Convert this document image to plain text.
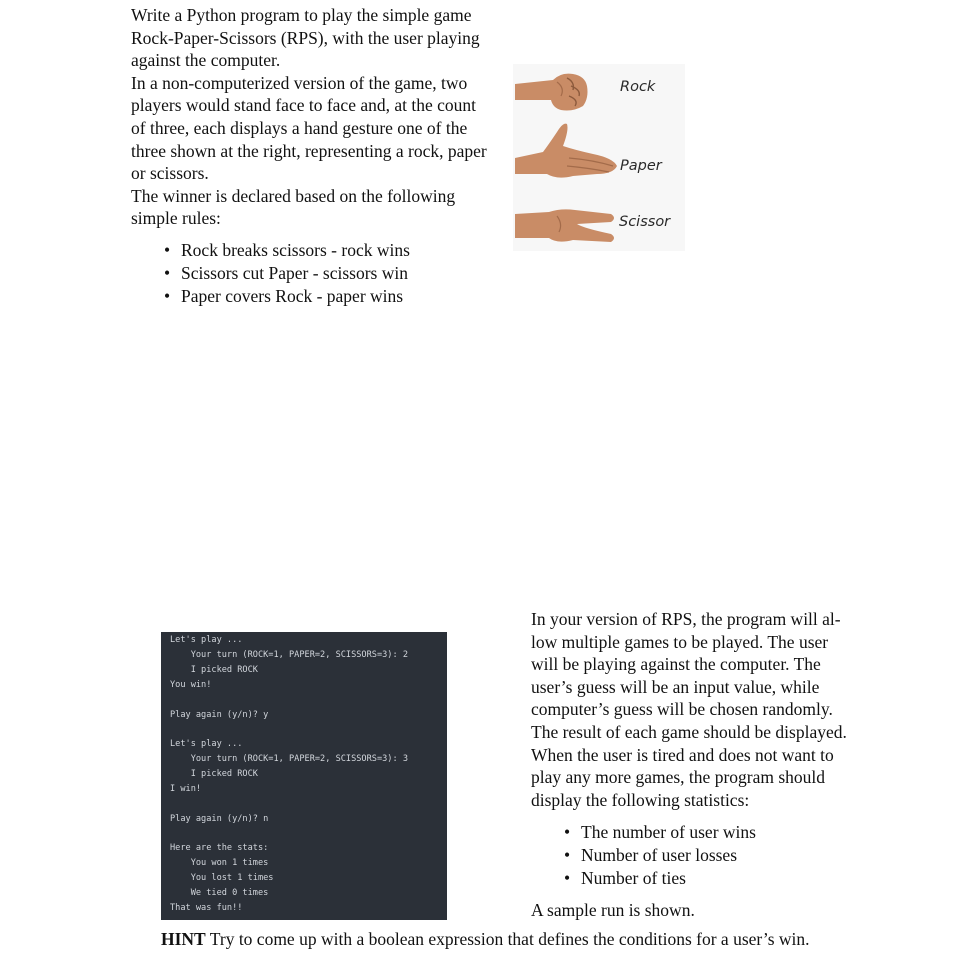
Write a Python program to play the simple game
Rock-Paper-Scissors (RPS), with the user playing
against the computer.

In a non-computerized version of the game, two
players would stand face to face and, at the count
of three, each displays a hand gesture one of the
three shown at the right, representing a rock, paper
or scissors.

The winner is declared based on the following
simple rules:

• Rock breaks scissors - rock wins
• Scissors cut Paper - scissors win
• Paper covers Rock - paper wins
Rock
Paper
Scissor
Let's play ...
Your turn (ROCK=1, PAPER=2, SCISSORS=3): 2
I picked ROCK
You win!
Play again (y/n)? y
Let's play ...
Your turn (ROCK=1, PAPER=2, SCISSORS=3): 3
I picked ROCK
I win!
Play again (y/n)? n
Here are the stats:
You won 1 times
You lost 1 times
We tied 0 times
That was fun!!
In your version of RPS, the program will al-
low multiple games to be played. The user
will be playing against the computer. The
user’s guess will be an input value, while
computer’s guess will be chosen randomly.
The result of each game should be displayed.
When the user is tired and does not want to
play any more games, the program should
display the following statistics:
• The number of user wins
• Number of user losses
• Number of ties
A sample run is shown.
HINT Try to come up with a boolean expression that defines the conditions for a user’s win.
